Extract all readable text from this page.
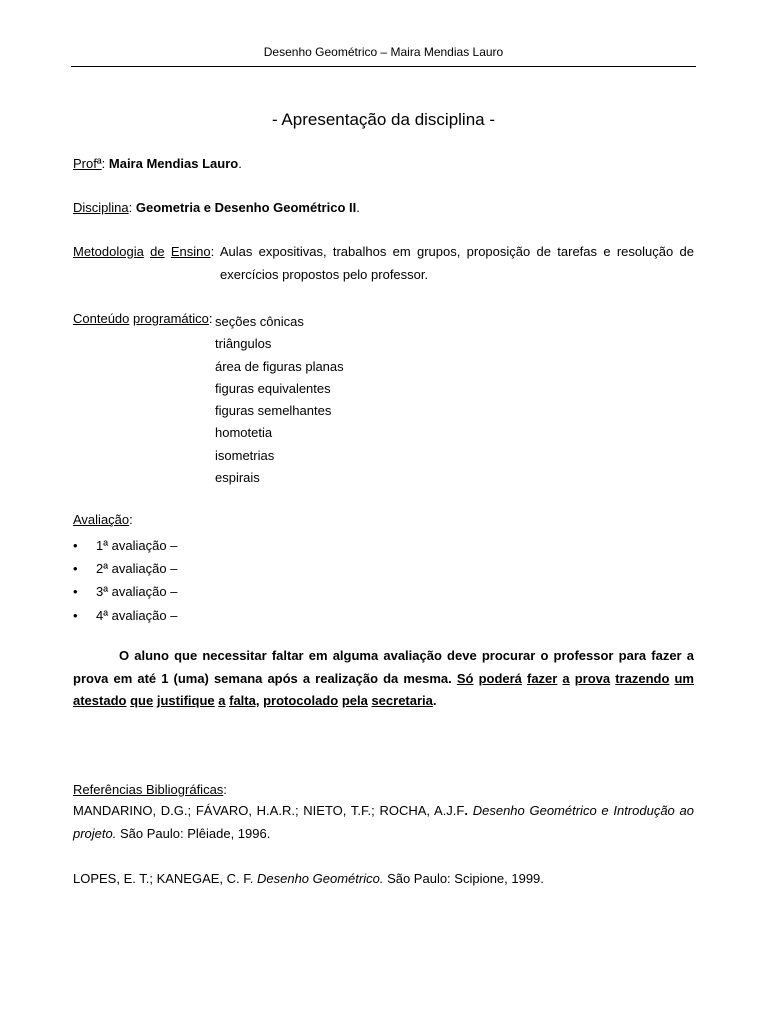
Desenho Geométrico – Maira Mendias Lauro
- Apresentação da disciplina -
Profª: Maira Mendias Lauro.
Disciplina: Geometria e Desenho Geométrico II.
Metodologia de Ensino: Aulas expositivas, trabalhos em grupos, proposição de tarefas e resolução de
exercícios propostos pelo professor.
Conteúdo programático: seções cônicas
triângulos
área de figuras planas
figuras equivalentes
figuras semelhantes
homotetia
isometrias
espirais
Avaliação:
• 1ª avaliação –
• 2ª avaliação –
• 3ª avaliação –
• 4ª avaliação –

O aluno que necessitar faltar em alguma avaliação deve procurar o professor para fazer a prova em até 1 (uma) semana após a realização da mesma. Só poderá fazer a prova trazendo um atestado que justifique a falta, protocolado pela secretaria.

Referências Bibliográficas:

MANDARINO, D.G.; FÁVARO, H.A.R.; NIETO, T.F.; ROCHA, A.J.F. Desenho Geométrico e Introdução ao projeto. São Paulo: Plêiade, 1996.

LOPES, E. T.; KANEGAE, C. F. Desenho Geométrico. São Paulo: Scipione, 1999.
